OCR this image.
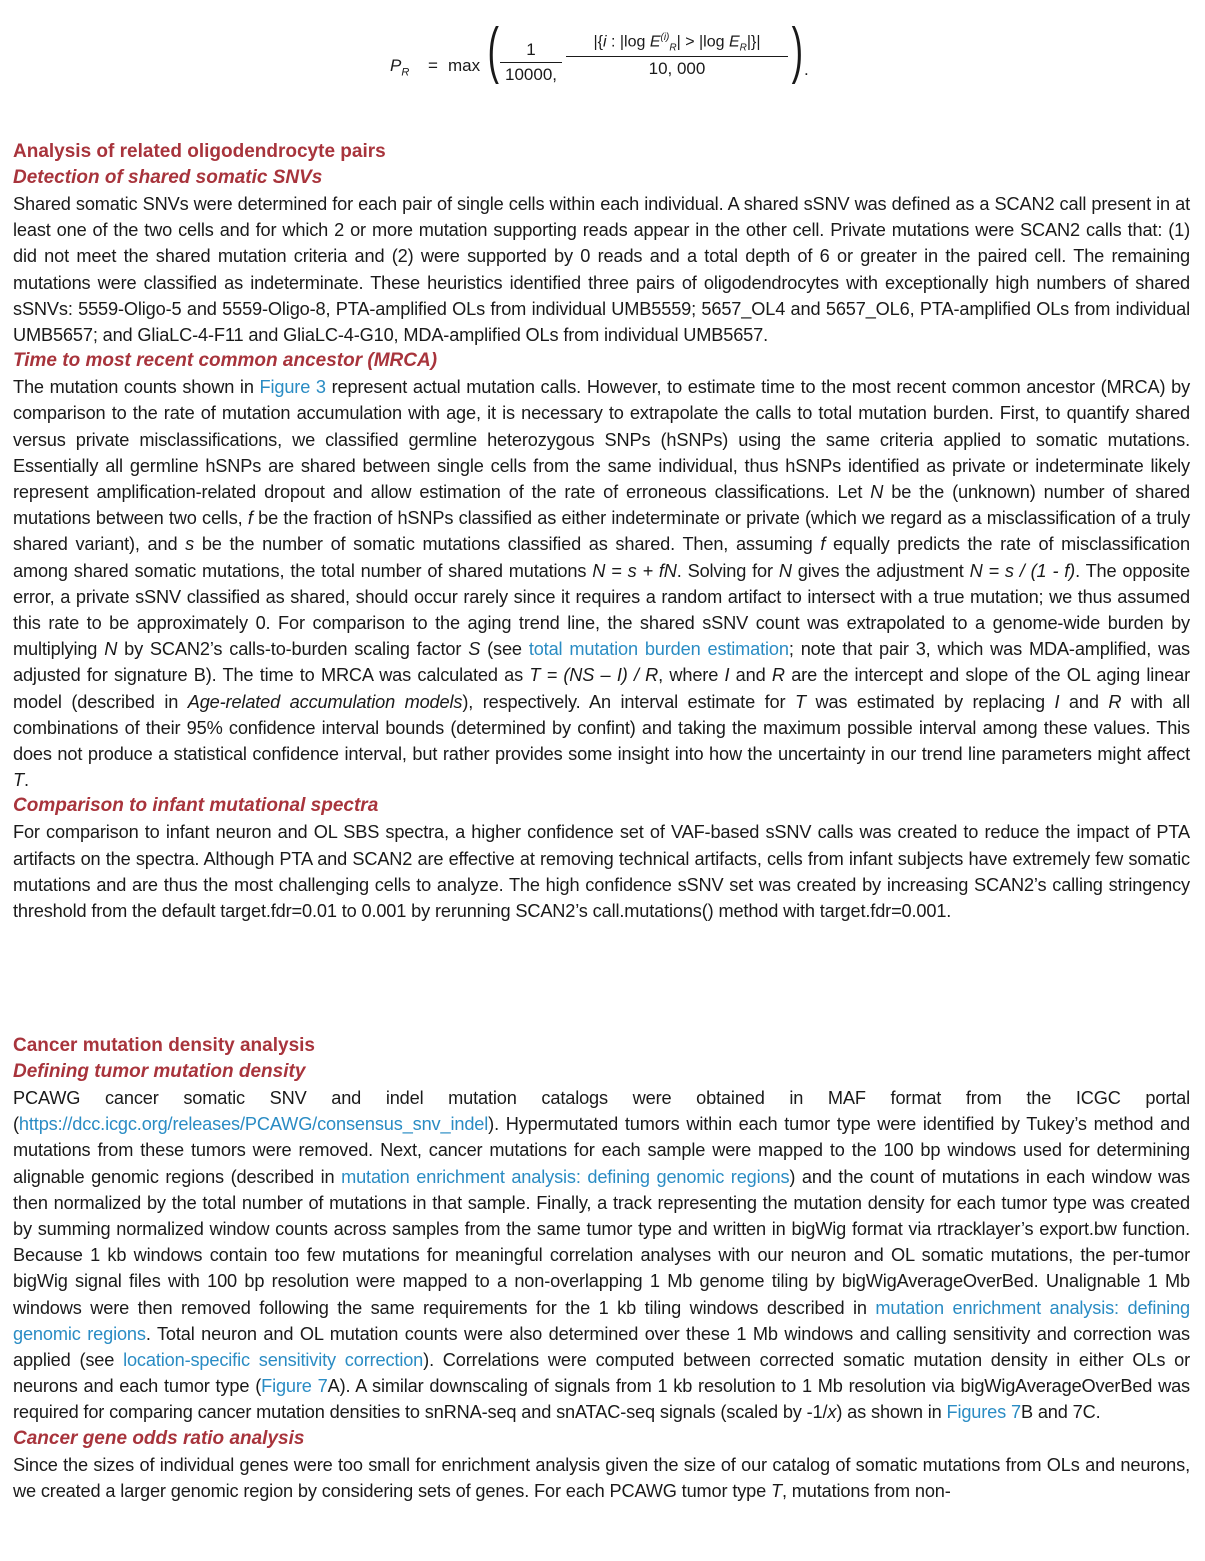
$P_R = \max$ ( $\frac{1}{10000,} \frac{|\{i : |\log E^{(i)}_R| > |\log E_R|\}|}{10, 000}$ ) .
Analysis of related oligodendrocyte pairs
Detection of shared somatic SNVs

Shared somatic SNVs were determined for each pair of single cells within each individual. A shared sSNV was defined as a SCAN2 call present in at least one of the two cells and for which 2 or more mutation supporting reads appear in the other cell. Private mutations were SCAN2 calls that: (1) did not meet the shared mutation criteria and (2) were supported by 0 reads and a total depth of 6 or greater in the paired cell. The remaining mutations were classified as indeterminate. These heuristics identified three pairs of oligodendrocytes with exceptionally high numbers of shared sSNVs: 5559-Oligo-5 and 5559-Oligo-8, PTA-amplified OLs from individual UMB5559; 5657_OL4 and 5657_OL6, PTA-amplified OLs from individual UMB5657; and GliaLC-4-F11 and GliaLC-4-G10, MDA-amplified OLs from individual UMB5657.

Time to most recent common ancestor (MRCA)

The mutation counts shown in Figure 3 represent actual mutation calls. However, to estimate time to the most recent common ancestor (MRCA) by comparison to the rate of mutation accumulation with age, it is necessary to extrapolate the calls to total mutation burden. First, to quantify shared versus private misclassifications, we classified germline heterozygous SNPs (hSNPs) using the same criteria applied to somatic mutations. Essentially all germline hSNPs are shared between single cells from the same individual, thus hSNPs identified as private or indeterminate likely represent amplification-related dropout and allow estimation of the rate of erroneous classifications. Let N be the (unknown) number of shared mutations between two cells, f be the fraction of hSNPs classified as either indeterminate or private (which we regard as a misclassification of a truly shared variant), and s be the number of somatic mutations classified as shared. Then, assuming f equally predicts the rate of misclassification among shared somatic mutations, the total number of shared mutations N = s + fN. Solving for N gives the adjustment N = s / (1 - f). The opposite error, a private sSNV classified as shared, should occur rarely since it requires a random artifact to intersect with a true mutation; we thus assumed this rate to be approximately 0. For comparison to the aging trend line, the shared sSNV count was extrapolated to a genome-wide burden by multiplying N by SCAN2’s calls-to-burden scaling factor S (see total mutation burden estimation; note that pair 3, which was MDA-amplified, was adjusted for signature B). The time to MRCA was calculated as T = (NS – I) / R, where I and R are the intercept and slope of the OL aging linear model (described in Age-related accumulation models), respectively. An interval estimate for T was estimated by replacing I and R with all combinations of their 95% confidence interval bounds (determined by confint) and taking the maximum possible interval among these values. This does not produce a statistical confidence interval, but rather provides some insight into how the uncertainty in our trend line parameters might affect T.

Comparison to infant mutational spectra

For comparison to infant neuron and OL SBS spectra, a higher confidence set of VAF-based sSNV calls was created to reduce the impact of PTA artifacts on the spectra. Although PTA and SCAN2 are effective at removing technical artifacts, cells from infant subjects have extremely few somatic mutations and are thus the most challenging cells to analyze. The high confidence sSNV set was created by increasing SCAN2’s calling stringency threshold from the default target.fdr=0.01 to 0.001 by rerunning SCAN2’s call.mutations() method with target.fdr=0.001.

Cancer mutation density analysis
Defining tumor mutation density

PCAWG cancer somatic SNV and indel mutation catalogs were obtained in MAF format from the ICGC portal (https://dcc.icgc.org/releases/PCAWG/consensus_snv_indel). Hypermutated tumors within each tumor type were identified by Tukey’s method and mutations from these tumors were removed. Next, cancer mutations for each sample were mapped to the 100 bp windows used for determining alignable genomic regions (described in mutation enrichment analysis: defining genomic regions) and the count of mutations in each window was then normalized by the total number of mutations in that sample. Finally, a track representing the mutation density for each tumor type was created by summing normalized window counts across samples from the same tumor type and written in bigWig format via rtracklayer’s export.bw function. Because 1 kb windows contain too few mutations for meaningful correlation analyses with our neuron and OL somatic mutations, the per-tumor bigWig signal files with 100 bp resolution were mapped to a non-overlapping 1 Mb genome tiling by bigWigAverageOverBed. Unalignable 1 Mb windows were then removed following the same requirements for the 1 kb tiling windows described in mutation enrichment analysis: defining genomic regions. Total neuron and OL mutation counts were also determined over these 1 Mb windows and calling sensitivity and correction was applied (see location-specific sensitivity correction). Correlations were computed between corrected somatic mutation density in either OLs or neurons and each tumor type (Figure 7A). A similar downscaling of signals from 1 kb resolution to 1 Mb resolution via bigWigAverageOverBed was required for comparing cancer mutation densities to snRNA-seq and snATAC-seq signals (scaled by -1/x) as shown in Figures 7B and 7C.

Cancer gene odds ratio analysis

Since the sizes of individual genes were too small for enrichment analysis given the size of our catalog of somatic mutations from OLs and neurons, we created a larger genomic region by considering sets of genes. For each PCAWG tumor type T, mutations from non-
